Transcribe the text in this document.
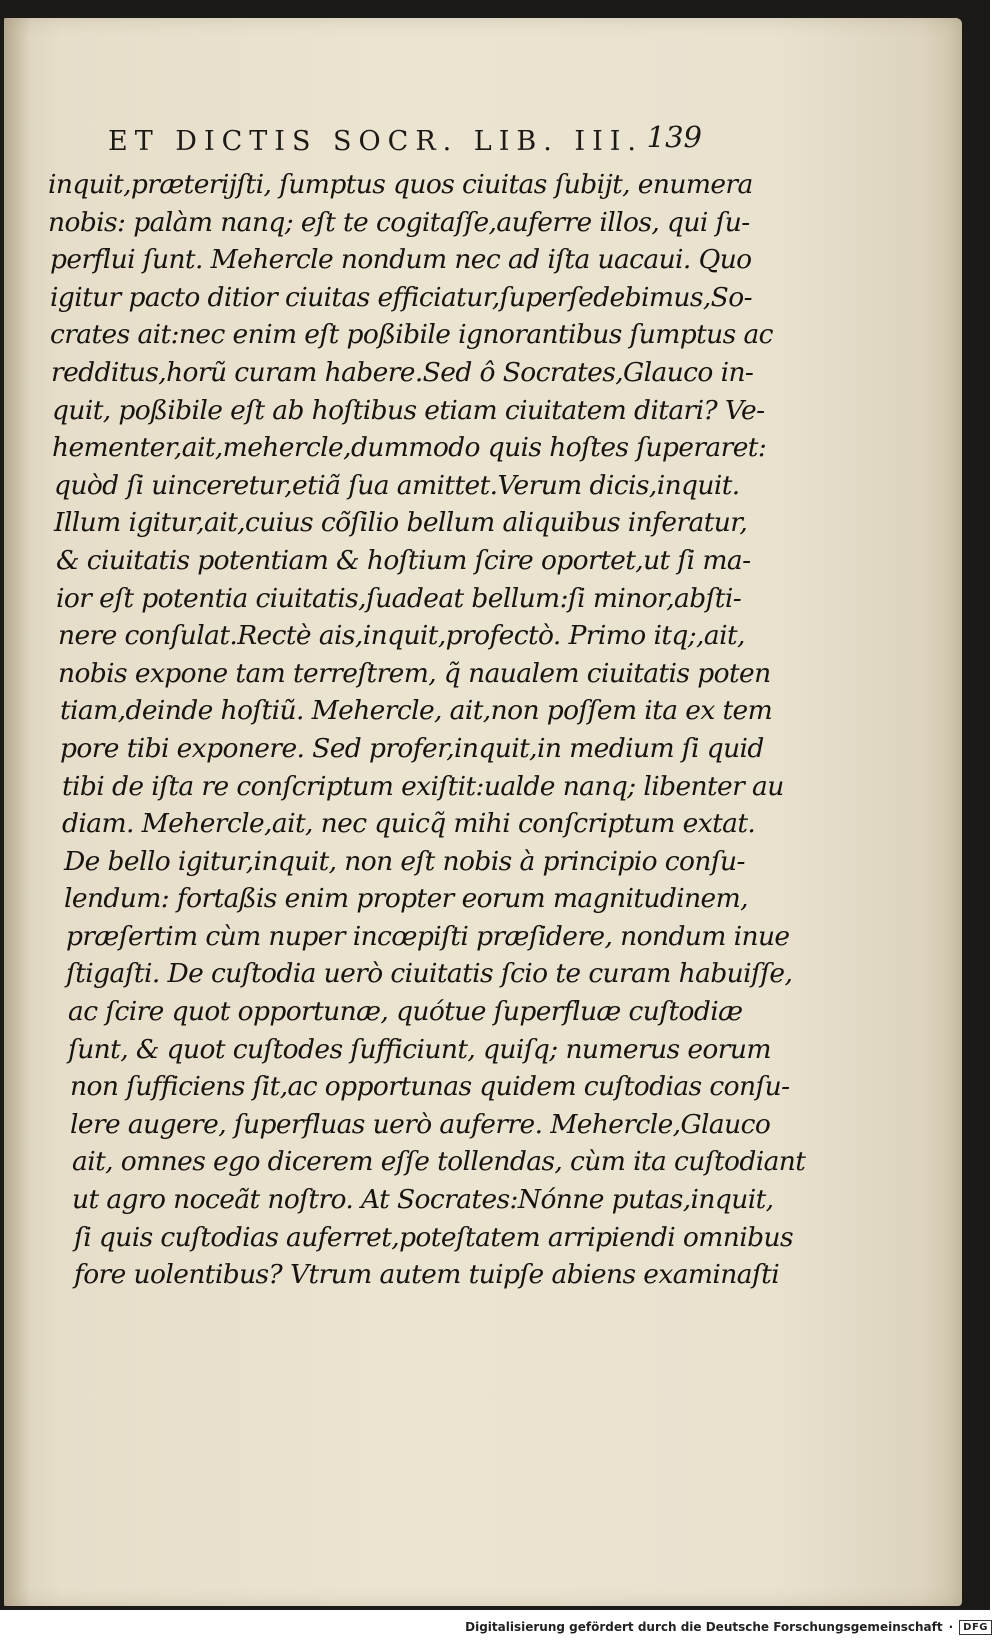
ET DICTIS SOCR. LIB. III. 139
inquit,præterijſti, ſumptus quos ciuitas ſubijt, enumera
nobis: palàm nanq; eſt te cogitaſſe,auferre illos, qui ſu-
perflui ſunt. Mehercle nondum nec ad iſta uacaui. Quo
igitur pacto ditior ciuitas efficiatur,ſuperſedebimus,So-
crates ait:nec enim eſt poßibile ignorantibus ſumptus ac
redditus,horũ curam habere.Sed ô Socrates,Glauco in-
quit, poßibile eſt ab hoſtibus etiam ciuitatem ditari? Ve-
hementer,ait,mehercle,dummodo quis hoſtes ſuperaret:
quòd ſi uinceretur,etiã ſua amittet.Verum dicis,inquit.
Illum igitur,ait,cuius cõſilio bellum aliquibus inferatur,
& ciuitatis potentiam & hoſtium ſcire oportet,ut ſi ma-
ior eſt potentia ciuitatis,ſuadeat bellum:ſi minor,abſti-
nere conſulat.Rectè ais,inquit,profectò. Primo itq;,ait,
nobis expone tam terreſtrem, q̃ naualem ciuitatis poten
tiam,deinde hoſtiũ. Mehercle, ait,non poſſem ita ex tem
pore tibi exponere. Sed profer,inquit,in medium ſi quid
tibi de iſta re conſcriptum exiſtit:ualde nanq; libenter au
diam. Mehercle,ait, nec quicq̃ mihi conſcriptum extat.
De bello igitur,inquit, non eſt nobis à principio conſu-
lendum: fortaßis enim propter eorum magnitudinem,
præſertim cùm nuper incœpiſti præſidere, nondum inue
ſtigaſti. De cuſtodia uerò ciuitatis ſcio te curam habuiſſe,
ac ſcire quot opportunæ, quótue ſuperfluæ cuſtodiæ
ſunt, & quot cuſtodes ſufficiunt, quiſq; numerus eorum
non ſufficiens ſit,ac opportunas quidem cuſtodias conſu-
lere augere, ſuperfluas uerò auferre. Mehercle,Glauco
ait, omnes ego dicerem eſſe tollendas, cùm ita cuſtodiant
ut agro noceãt noſtro. At Socrates:Nónne putas,inquit,
ſi quis cuſtodias auferret,poteſtatem arripiendi omnibus
fore uolentibus? Vtrum autem tuipſe abiens examinaſti
Digitalisierung gefördert durch die Deutsche Forschungsgemeinschaft ·	DFG
